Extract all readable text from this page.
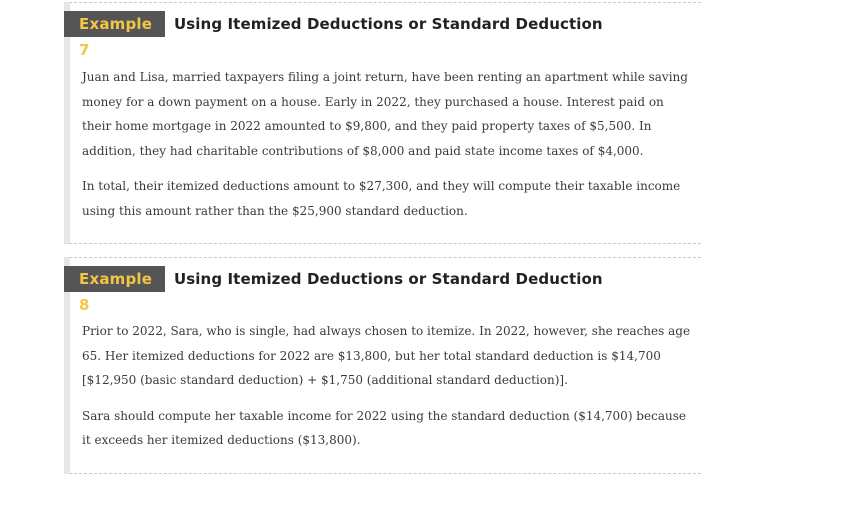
Example 7
Using Itemized Deductions or Standard Deduction

Juan and Lisa, married taxpayers filing a joint return, have been renting an apartment while saving money for a down payment on a house. Early in 2022, they purchased a house. Interest paid on their home mortgage in 2022 amounted to $9,800, and they paid property taxes of $5,500. In addition, they had charitable contributions of $8,000 and paid state income taxes of $4,000.

In total, their itemized deductions amount to $27,300, and they will compute their taxable income using this amount rather than the $25,900 standard deduction.

Example 8
Using Itemized Deductions or Standard Deduction

Prior to 2022, Sara, who is single, had always chosen to itemize. In 2022, however, she reaches age 65. Her itemized deductions for 2022 are $13,800, but her total standard deduction is $14,700 [$12,950 (basic standard deduction) + $1,750 (additional standard deduction)].

Sara should compute her taxable income for 2022 using the standard deduction ($14,700) because it exceeds her itemized deductions ($13,800).
